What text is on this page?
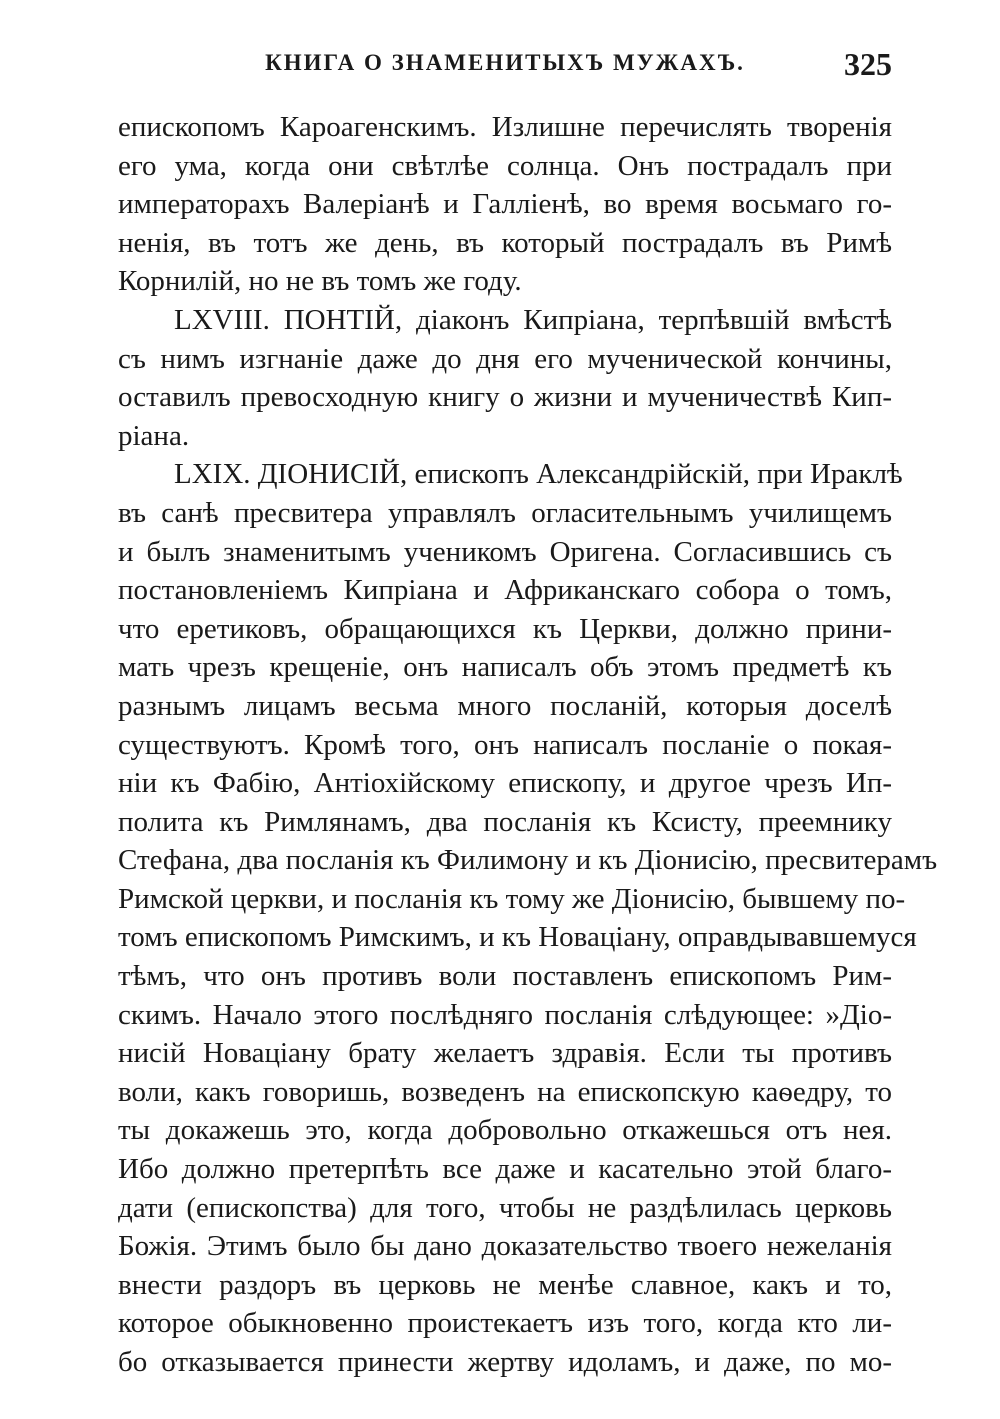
КНИГА О ЗНАМЕНИТЫХЪ МУЖАХЪ.	325
епископомъ Кароагенскимъ. Излишне перечислять творенія
его ума, когда они свѣтлѣе солнца. Онъ пострадалъ при
императорахъ Валеріанѣ и Галліенѣ, во время восьмаго го-
ненія, въ тотъ же день, въ который пострадалъ въ Римѣ
Корнилій, но не въ томъ же году.
LXVIII. ПОНТІЙ, діаконъ Кипріана, терпѣвшій вмѣстѣ
съ нимъ изгнаніе даже до дня его мученической кончины,
оставилъ превосходную книгу о жизни и мученичествѣ Кип-
ріана.
LXIX. ДІОНИСІЙ, епископъ Александрійскій, при Ираклѣ
въ санѣ пресвитера управлялъ огласительнымъ училищемъ
и былъ знаменитымъ ученикомъ Оригена. Согласившись съ
постановленіемъ Кипріана и Африканскаго собора о томъ,
что еретиковъ, обращающихся къ Церкви, должно прини-
мать чрезъ крещеніе, онъ написалъ объ этомъ предметѣ къ
разнымъ лицамъ весьма много посланій, которыя доселѣ
существуютъ. Кромѣ того, онъ написалъ посланіе о покая-
ніи къ Фабію, Антіохійскому епископу, и другое чрезъ Ип-
полита къ Римлянамъ, два посланія къ Ксисту, преемнику
Стефана, два посланія къ Филимону и къ Діонисію, пресвитерамъ
Римской церкви, и посланія къ тому же Діонисію, бывшему по-
томъ епископомъ Римскимъ, и къ Новаціану, оправдывавшемуся
тѣмъ, что онъ противъ воли поставленъ епископомъ Рим-
скимъ. Начало этого послѣдняго посланія слѣдующее: »Діо-
нисій Новаціану брату желаетъ здравія. Если ты противъ
воли, какъ говоришь, возведенъ на епископскую каѳедру, то
ты докажешь это, когда добровольно откажешься отъ нея.
Ибо должно претерпѣть все даже и касательно этой благо-
дати (епископства) для того, чтобы не раздѣлилась церковь
Божія. Этимъ было бы дано доказательство твоего нежеланія
внести раздоръ въ церковь не менѣе славное, какъ и то,
которое обыкновенно проистекаетъ изъ того, когда кто ли-
бо отказывается принести жертву идоламъ, и даже, по мо-
